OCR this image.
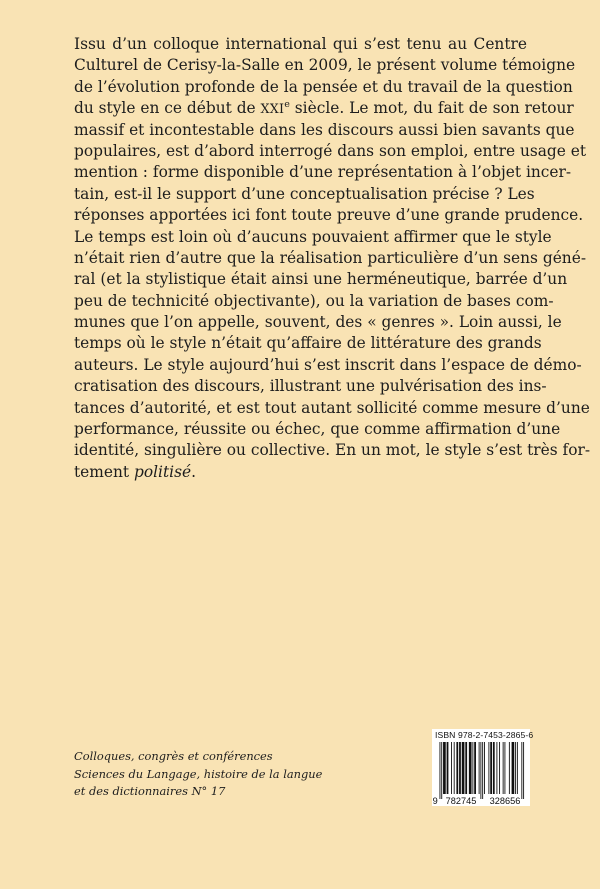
Issu d’un colloque international qui s’est tenu au Centre
Culturel de Cerisy-la-Salle en 2009, le présent volume témoigne
de l’évolution profonde de la pensée et du travail de la question
du style en ce début de XXIe siècle. Le mot, du fait de son retour
massif et incontestable dans les discours aussi bien savants que
populaires, est d’abord interrogé dans son emploi, entre usage et
mention : forme disponible d’une représentation à l’objet incer-
tain, est-il le support d’une conceptualisation précise ? Les
réponses apportées ici font toute preuve d’une grande prudence.
Le temps est loin où d’aucuns pouvaient affirmer que le style
n’était rien d’autre que la réalisation particulière d’un sens géné-
ral (et la stylistique était ainsi une herméneutique, barrée d’un
peu de technicité objectivante), ou la variation de bases com-
munes que l’on appelle, souvent, des « genres ». Loin aussi, le
temps où le style n’était qu’affaire de littérature des grands
auteurs. Le style aujourd’hui s’est inscrit dans l’espace de démo-
cratisation des discours, illustrant une pulvérisation des ins-
tances d’autorité, et est tout autant sollicité comme mesure d’une
performance, réussite ou échec, que comme affirmation d’une
identité, singulière ou collective. En un mot, le style s’est très for-
tement politisé.
Colloques, congrès et conférences
Sciences du Langage, histoire de la langue
et des dictionnaires N° 17
ISBN 978-2-7453-2865-6
9 782745 328656
